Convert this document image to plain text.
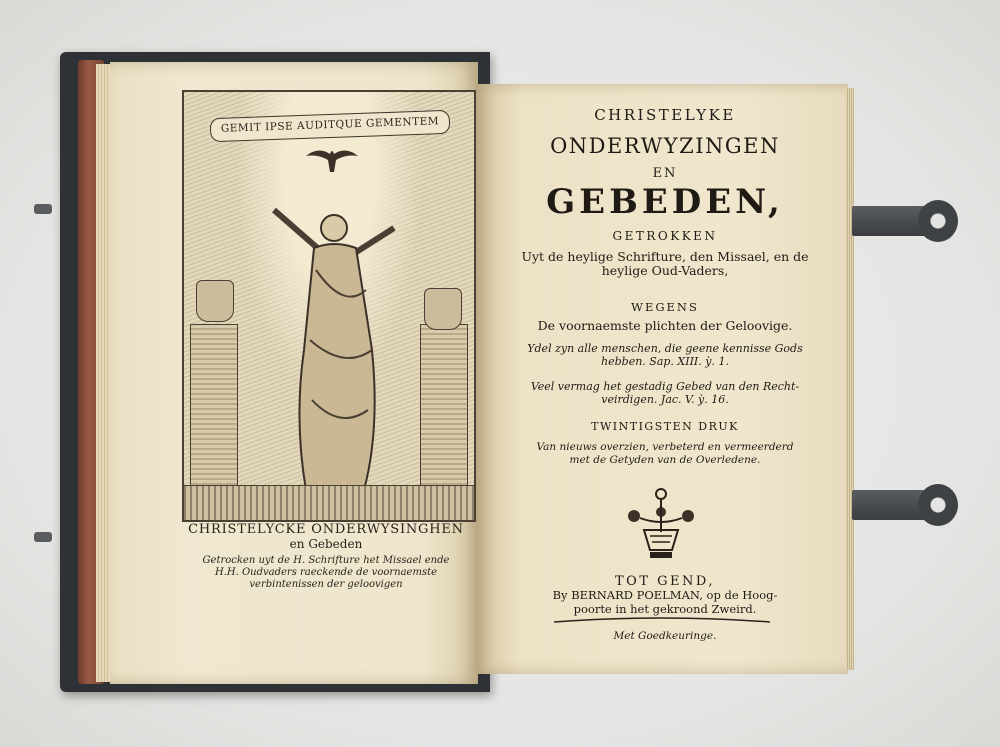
GEMIT IPSE AUDITQUE GEMENTEM
CHRISTELYCKE ONDERWYSINGHEN
en Gebeden
Getrocken uyt de H. Schrifture het Missael ende
H.H. Oudvaders raeckende de voornaemste
verbintenissen der geloovigen
CHRISTELYKE
ONDERWYZINGEN
EN
GEBEDEN,
GETROKKEN
Uyt de heylige Schrifture, den Missael, en de
heylige Oud-Vaders,
WEGENS
De voornaemste plichten der Geloovige.
Ydel zyn alle menschen, die geene kennisse Gods
hebben. Sap. XIII. ỳ. 1.
Veel vermag het gestadig Gebed van den Recht-
veirdigen. Jac. V. ỳ. 16.
TWINTIGSTEN DRUK
Van nieuws overzien, verbeterd en vermeerderd
met de Getyden van de Overledene.
TOT GEND,
By BERNARD POELMAN, op de Hoog-
poorte in het gekroond Zweird.
Met Goedkeuringe.
